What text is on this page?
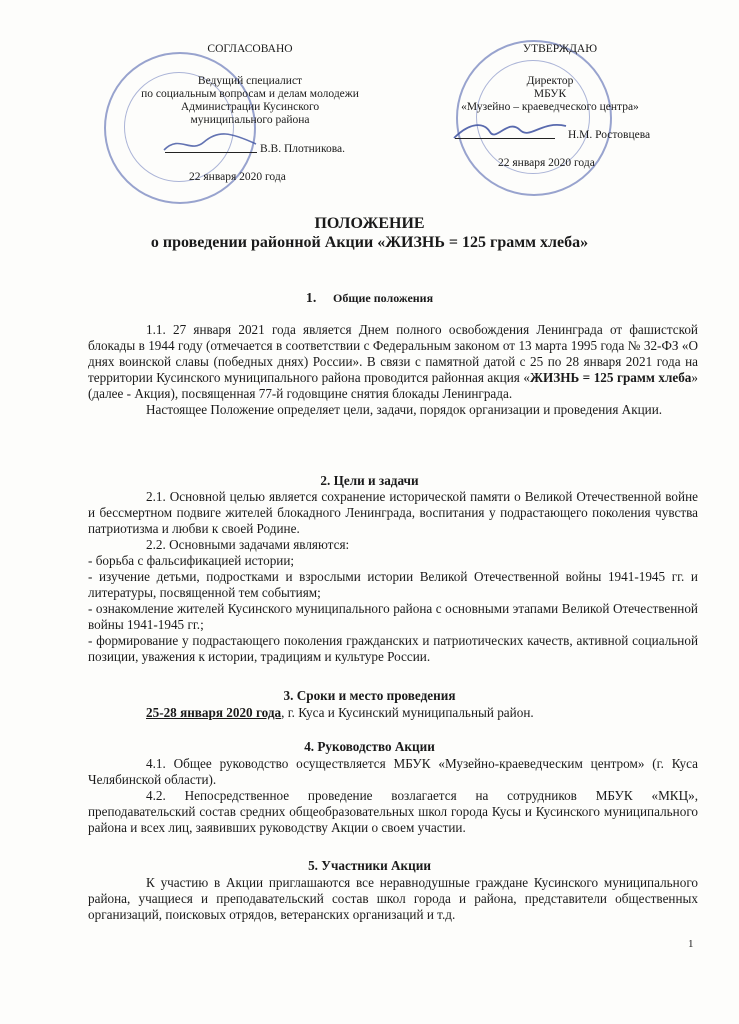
СОГЛАСОВАНО
Ведущий специалист
по социальным вопросам и делам молодежи
Администрации Кусинского
муниципального района
В.В. Плотникова.
22 января 2020 года
УТВЕРЖДАЮ
Директор
МБУК
«Музейно – краеведческого центра»
Н.М. Ростовцева
22 января 2020 года
ПОЛОЖЕНИЕ
о проведении районной Акции «ЖИЗНЬ = 125 грамм хлеба»
1. Общие положения

1.1. 27 января 2021 года является Днем полного освобождения Ленинграда от фашистской блокады в 1944 году (отмечается в соответствии с Федеральным законом от 13 марта 1995 года № 32-ФЗ «О днях воинской славы (победных днях) России». В связи с памятной датой с 25 по 28 января 2021 года на территории Кусинского муниципального района проводится районная акция «ЖИЗНЬ = 125 грамм хлеба» (далее - Акция), посвященная 77-й годовщине снятия блокады Ленинграда.

Настоящее Положение определяет цели, задачи, порядок организации и проведения Акции.

2. Цели и задачи

2.1. Основной целью является сохранение исторической памяти о Великой Отечественной войне и бессмертном подвиге жителей блокадного Ленинграда, воспитания у подрастающего поколения чувства патриотизма и любви к своей Родине.

2.2. Основными задачами являются:

- борьба с фальсификацией истории;

- изучение детьми, подростками и взрослыми истории Великой Отечественной войны 1941-1945 гг. и литературы, посвященной тем событиям;

- ознакомление жителей Кусинского муниципального района с основными этапами Великой Отечественной войны 1941-1945 гг.;

- формирование у подрастающего поколения гражданских и патриотических качеств, активной социальной позиции, уважения к истории, традициям и культуре России.

3. Сроки и место проведения

25-28 января 2020 года, г. Куса и Кусинский муниципальный район.

4. Руководство Акции

4.1. Общее руководство осуществляется МБУК «Музейно-краеведческим центром» (г. Куса Челябинской области).

4.2. Непосредственное проведение возлагается на сотрудников МБУК «МКЦ», преподавательский состав средних общеобразовательных школ города Кусы и Кусинского муниципального района и всех лиц, заявивших руководству Акции о своем участии.

5. Участники Акции

К участию в Акции приглашаются все неравнодушные граждане Кусинского муниципального района, учащиеся и преподавательский состав школ города и района, представители общественных организаций, поисковых отрядов, ветеранских организаций и т.д.

1
